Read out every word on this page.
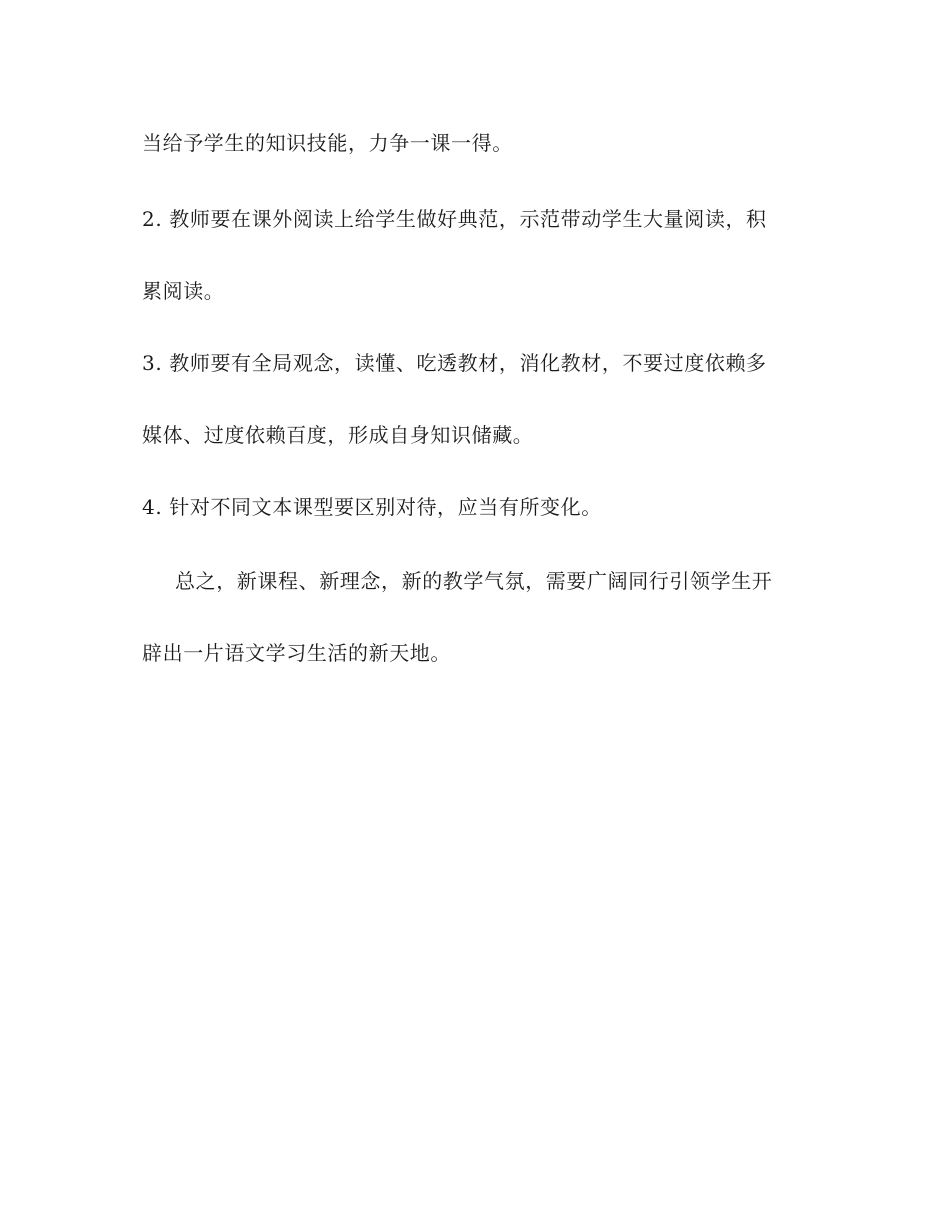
当给予学生的知识技能，力争一课一得。
2. 教师要在课外阅读上给学生做好典范，示范带动学生大量阅读，积
累阅读。
3. 教师要有全局观念，读懂、吃透教材，消化教材，不要过度依赖多
媒体、过度依赖百度，形成自身知识储藏。
4. 针对不同文本课型要区别对待，应当有所变化。
总之，新课程、新理念，新的教学气氛，需要广阔同行引领学生开
辟出一片语文学习生活的新天地。
